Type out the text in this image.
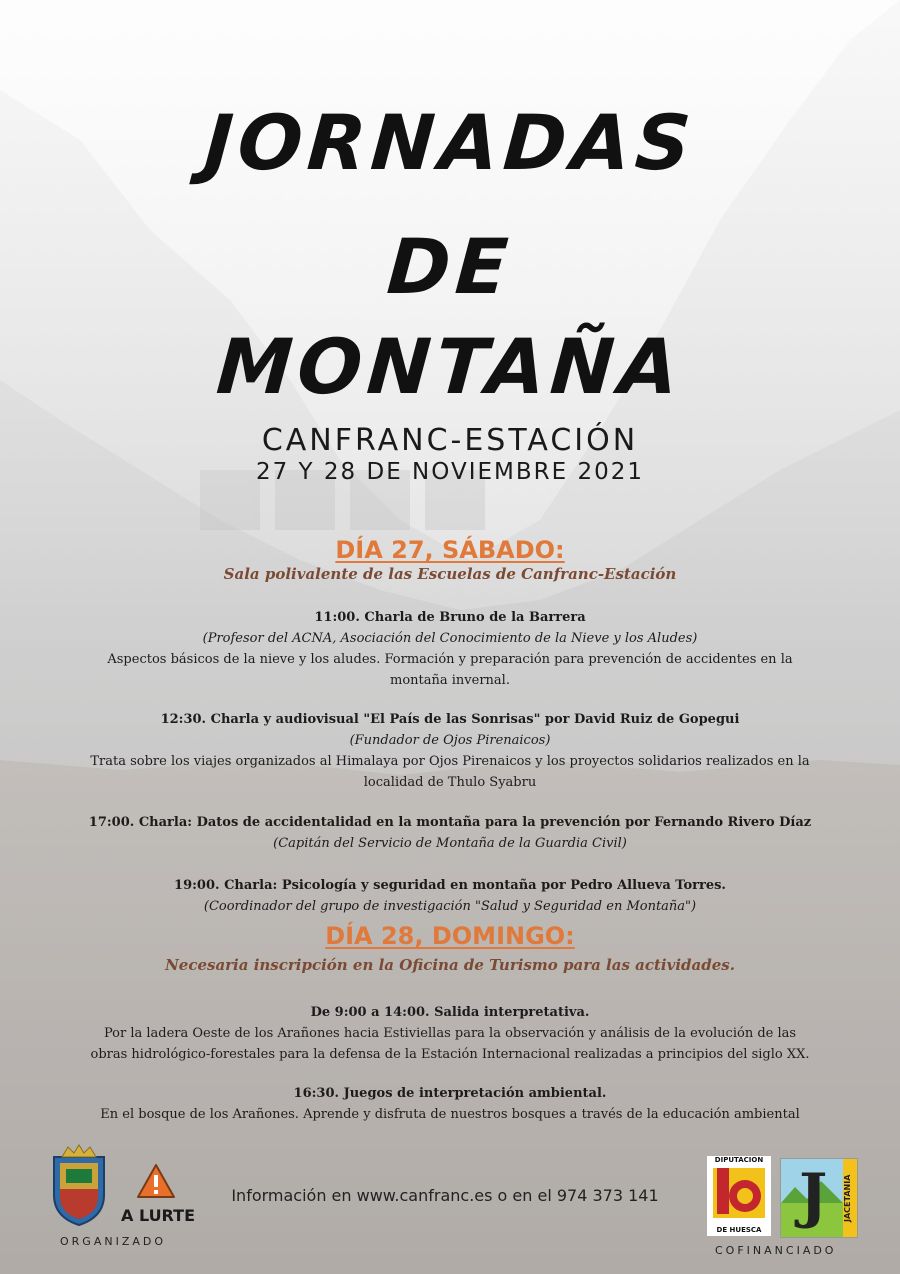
JORNADAS
DE
MONTAÑA
CANFRANC-ESTACIÓN
27 Y 28 DE NOVIEMBRE 2021
DÍA 27, SÁBADO:
Sala polivalente de las Escuelas de Canfranc-Estación
11:00. Charla de Bruno de la Barrera
(Profesor del ACNA, Asociación del Conocimiento de la Nieve y los Aludes)
Aspectos básicos de la nieve y los aludes. Formación y preparación para prevención de accidentes en la
montaña invernal.
12:30. Charla y audiovisual "El País de las Sonrisas" por David Ruiz de Gopegui
(Fundador de Ojos Pirenaicos)
Trata sobre los viajes organizados al Himalaya por Ojos Pirenaicos y los proyectos solidarios realizados en la
localidad de Thulo Syabru
17:00. Charla: Datos de accidentalidad en la montaña para la prevención por Fernando Rivero Díaz
(Capitán del Servicio de Montaña de la Guardia Civil)
19:00. Charla: Psicología y seguridad en montaña por Pedro Allueva Torres.
(Coordinador del grupo de investigación "Salud y Seguridad en Montaña")
DÍA 28, DOMINGO:
Necesaria inscripción en la Oficina de Turismo para las actividades.
De 9:00 a 14:00. Salida interpretativa.
Por la ladera Oeste de los Arañones hacia Estiviellas para la observación y análisis de la evolución de las
obras hidrológico-forestales para la defensa de la Estación Internacional realizadas a principios del siglo XX.
16:30. Juegos de interpretación ambiental.
En el bosque de los Arañones. Aprende y disfruta de nuestros bosques a través de la educación ambiental
A LURTE
ORGANIZADO
Información en www.canfranc.es o en el 974 373 141
DIPUTACION
DE HUESCA J JACETANIA
COFINANCIADO
